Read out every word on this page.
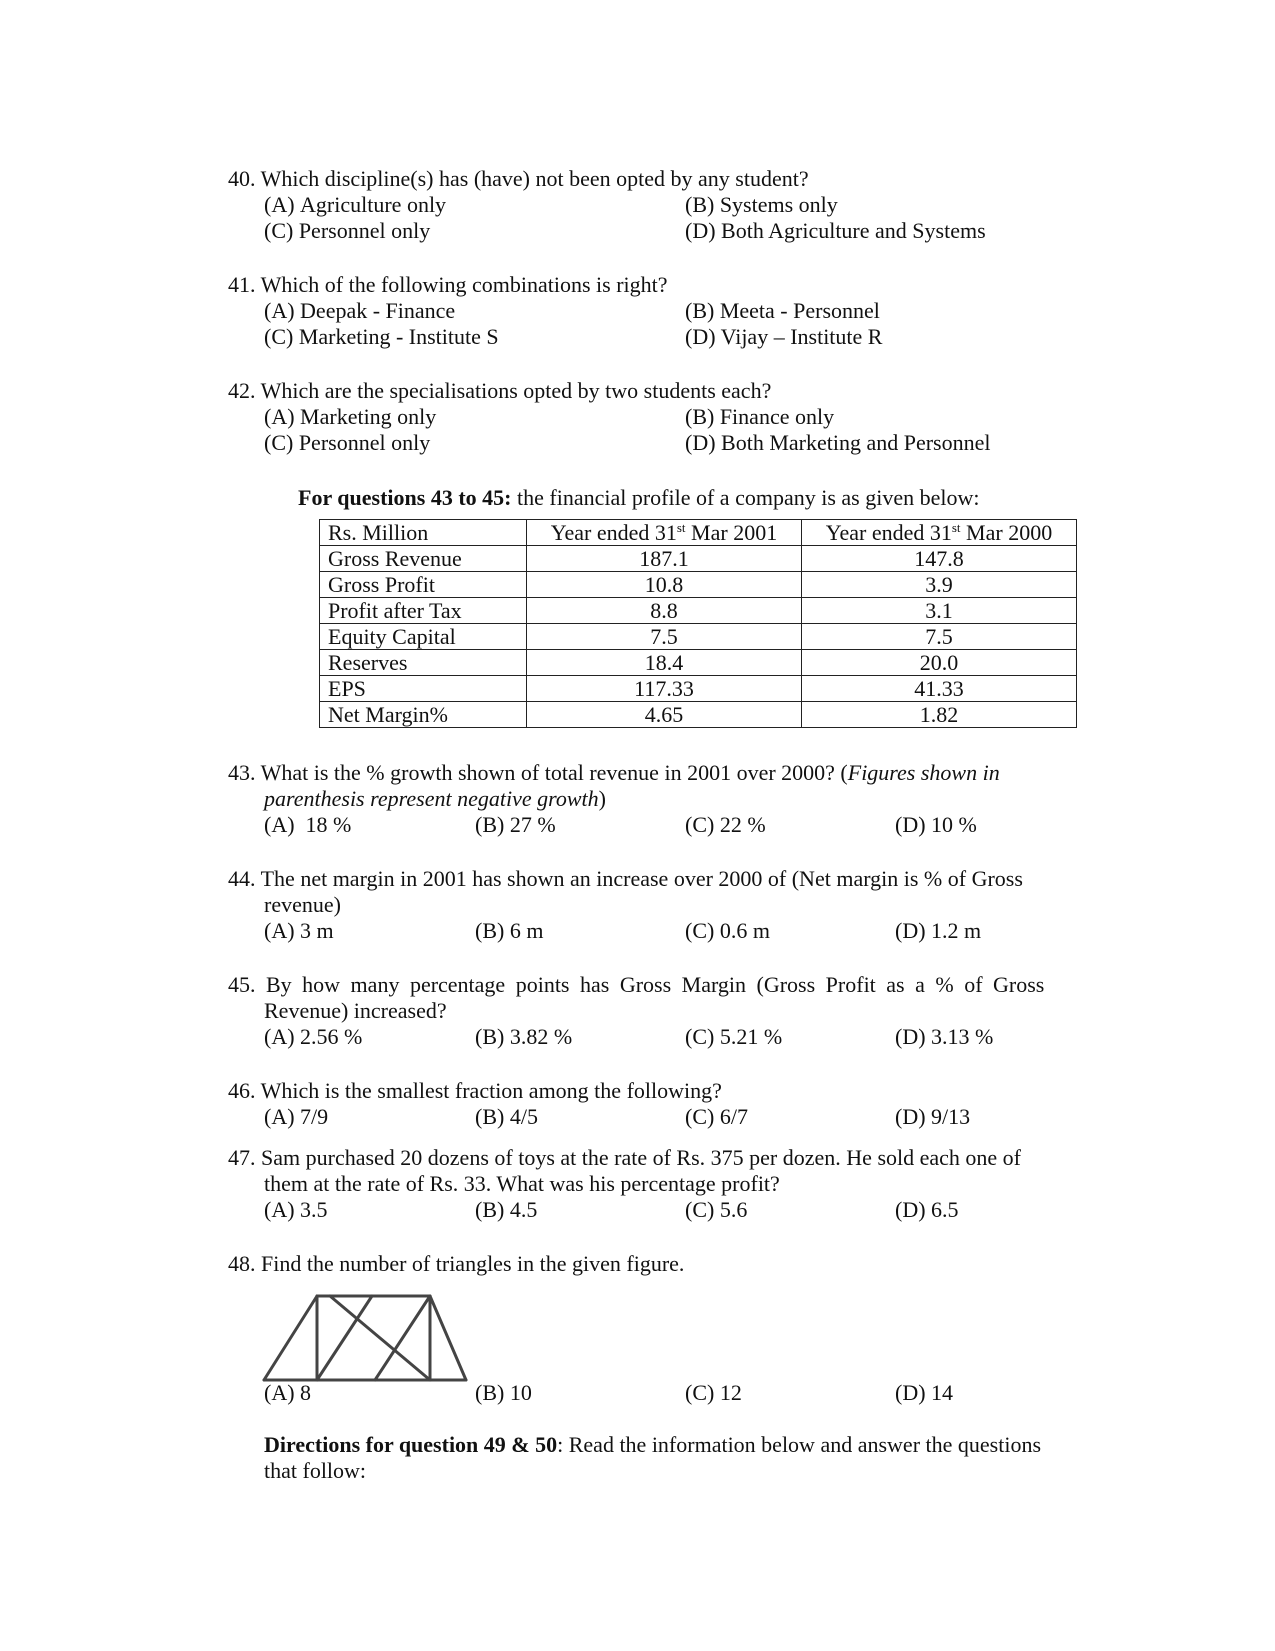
40. Which discipline(s) has (have) not been opted by any student?
(A) Agriculture only	(B) Systems only
(C) Personnel only	(D) Both Agriculture and Systems
41. Which of the following combinations is right?
(A) Deepak - Finance	(B) Meeta - Personnel
(C) Marketing - Institute S	(D) Vijay – Institute R
42. Which are the specialisations opted by two students each?
(A) Marketing only	(B) Finance only
(C) Personnel only	(D) Both Marketing and Personnel
For questions 43 to 45: the financial profile of a company is as given below:
Rs. Million	Year ended 31st Mar 2001	Year ended 31st Mar 2000
Gross Revenue	187.1	147.8
Gross Profit	10.8	3.9
Profit after Tax	8.8	3.1
Equity Capital	7.5	7.5
Reserves	18.4	20.0
EPS	117.33	41.33
Net Margin%	4.65	1.82
43. What is the % growth shown of total revenue in 2001 over 2000? (Figures shown in
parenthesis represent negative growth)
(A)  18 %	(B) 27 %	(C) 22 %	(D) 10 %
44. The net margin in 2001 has shown an increase over 2000 of (Net margin is % of Gross
revenue)
(A) 3 m	(B) 6 m	(C) 0.6 m	(D) 1.2 m
45. By how many percentage points has Gross Margin (Gross Profit as a % of Gross
Revenue) increased?
(A) 2.56 %	(B) 3.82 %	(C) 5.21 %	(D) 3.13 %
46. Which is the smallest fraction among the following?
(A) 7/9	(B) 4/5	(C) 6/7	(D) 9/13
47. Sam purchased 20 dozens of toys at the rate of Rs. 375 per dozen. He sold each one of
them at the rate of Rs. 33. What was his percentage profit?
(A) 3.5	(B) 4.5	(C) 5.6	(D) 6.5
48. Find the number of triangles in the given figure.
(A) 8	(B) 10	(C) 12	(D) 14
Directions for question 49 & 50: Read the information below and answer the questions
that follow:
